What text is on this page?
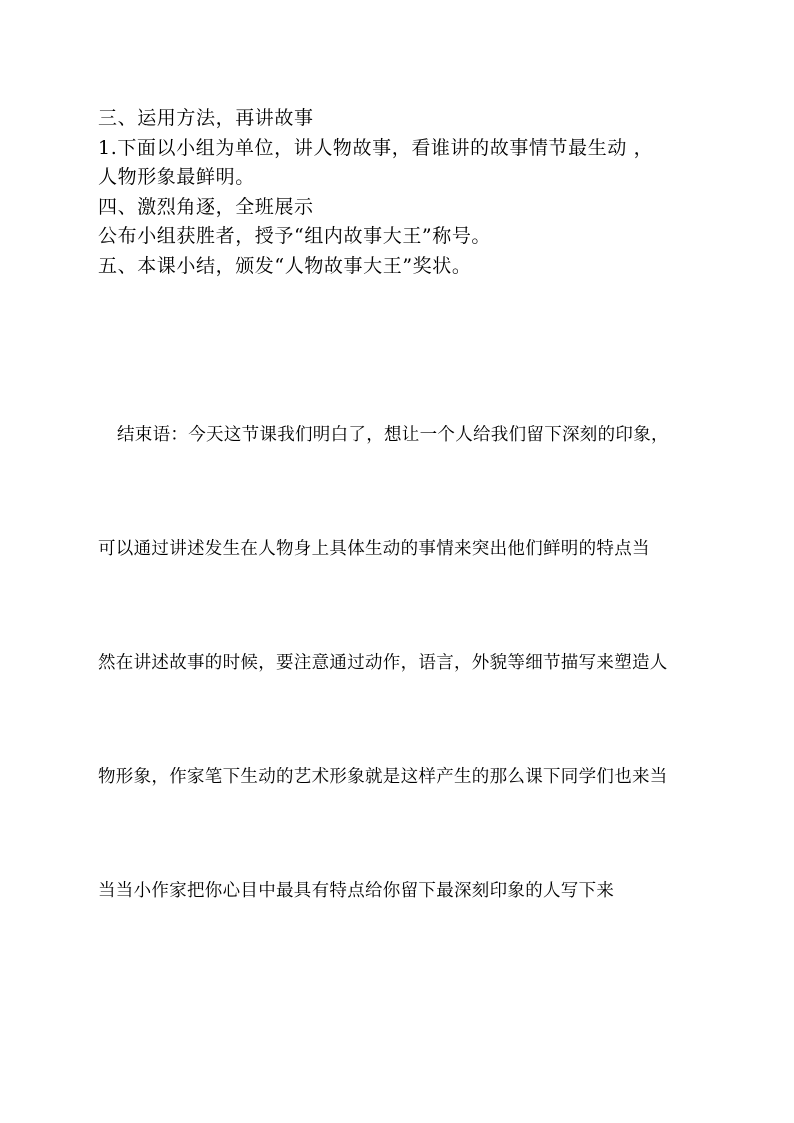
三、运用方法，再讲故事
1.下面以小组为单位，讲人物故事，看谁讲的故事情节最生动 ，
人物形象最鲜明。
四、激烈角逐，全班展示
公布小组获胜者，授予“组内故事大王”称号。
五、本课小结，颁发“人物故事大王”奖状。

结束语：今天这节课我们明白了，想让一个人给我们留下深刻的印象，

可以通过讲述发生在人物身上具体生动的事情来突出他们鲜明的特点当

然在讲述故事的时候，要注意通过动作，语言，外貌等细节描写来塑造人

物形象，作家笔下生动的艺术形象就是这样产生的那么课下同学们也来当

当当小作家把你心目中最具有特点给你留下最深刻印象的人写下来
